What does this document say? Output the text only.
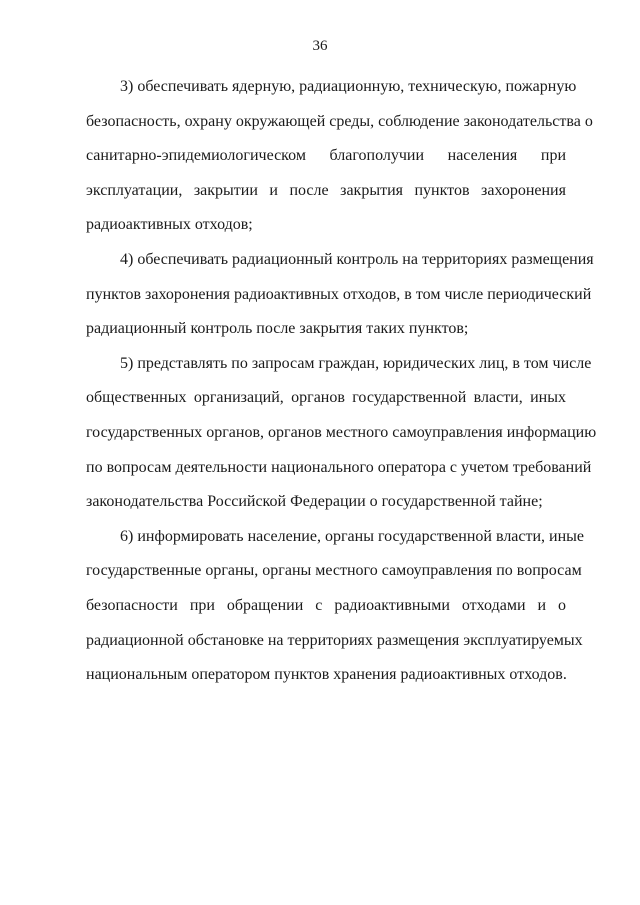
36
3) обеспечивать ядерную, радиационную, техническую, пожарную
безопасность, охрану окружающей среды, соблюдение законодательства о
санитарно-эпидемиологическом благополучии населения при
эксплуатации, закрытии и после закрытия пунктов захоронения
радиоактивных отходов;
4) обеспечивать радиационный контроль на территориях размещения
пунктов захоронения радиоактивных отходов, в том числе периодический
радиационный контроль после закрытия таких пунктов;
5) представлять по запросам граждан, юридических лиц, в том числе
общественных организаций, органов государственной власти, иных
государственных органов, органов местного самоуправления информацию
по вопросам деятельности национального оператора с учетом требований
законодательства Российской Федерации о государственной тайне;
6) информировать население, органы государственной власти, иные
государственные органы, органы местного самоуправления по вопросам
безопасности при обращении с радиоактивными отходами и о
радиационной обстановке на территориях размещения эксплуатируемых
национальным оператором пунктов хранения радиоактивных отходов.
